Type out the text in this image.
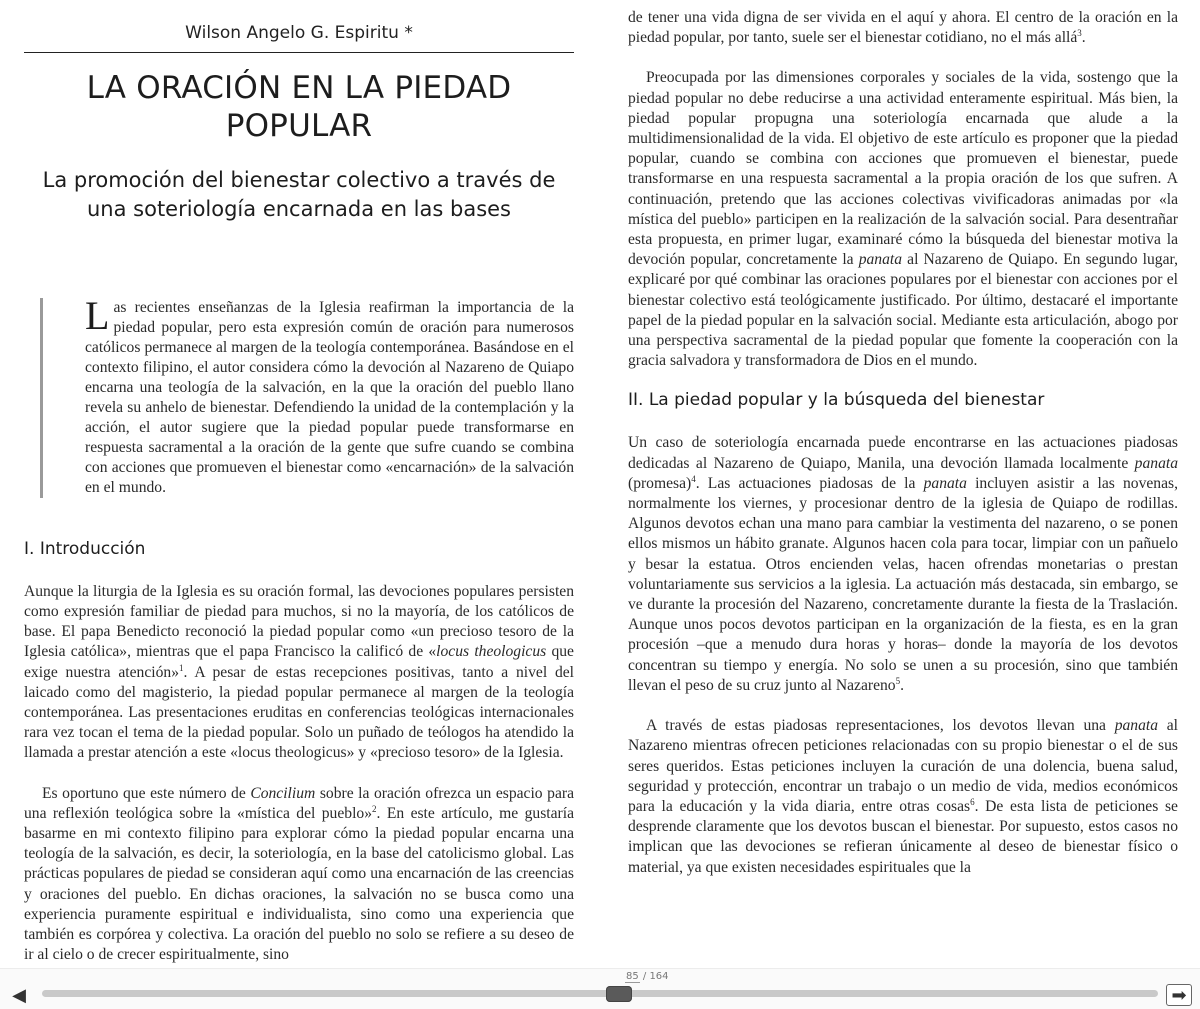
Wilson Angelo G. Espiritu *
LA ORACIÓN EN LA PIEDAD POPULAR
La promoción del bienestar colectivo a través de una soteriología encarnada en las bases
Las recientes enseñanzas de la Iglesia reafirman la importancia de la piedad popular, pero esta expresión común de oración para numerosos católicos permanece al margen de la teología contemporánea. Basándose en el contexto filipino, el autor considera cómo la devoción al Nazareno de Quiapo encarna una teología de la salvación, en la que la oración del pueblo llano revela su anhelo de bienestar. Defendiendo la unidad de la contemplación y la acción, el autor sugiere que la piedad popular puede transformarse en respuesta sacramental a la oración de la gente que sufre cuando se combina con acciones que promueven el bienestar como «encarnación» de la salvación en el mundo.
I. Introducción

Aunque la liturgia de la Iglesia es su oración formal, las devociones populares persisten como expresión familiar de piedad para muchos, si no la mayoría, de los católicos de base. El papa Benedicto reconoció la piedad popular como «un precioso tesoro de la Iglesia católica», mientras que el papa Francisco la calificó de «locus theologicus que exige nuestra atención»$^1$. A pesar de estas recepciones positivas, tanto a nivel del laicado como del magisterio, la piedad popular permanece al margen de la teología contemporánea. Las presentaciones eruditas en conferencias teológicas internacionales rara vez tocan el tema de la piedad popular. Solo un puñado de teólogos ha atendido la llamada a prestar atención a este «locus theologicus» y «precioso tesoro» de la Iglesia.

Es oportuno que este número de Concilium sobre la oración ofrezca un espacio para una reflexión teológica sobre la «mística del pueblo»$^2$. En este artículo, me gustaría basarme en mi contexto filipino para explorar cómo la piedad popular encarna una teología de la salvación, es decir, la soteriología, en la base del catolicismo global. Las prácticas populares de piedad se consideran aquí como una encarnación de las creencias y oraciones del pueblo. En dichas oraciones, la salvación no se busca como una experiencia puramente espiritual e individualista, sino como una experiencia que también es corpórea y colectiva. La oración del pueblo no solo se refiere a su deseo de ir al cielo o de crecer espiritualmente, sino

de tener una vida digna de ser vivida en el aquí y ahora. El centro de la oración en la piedad popular, por tanto, suele ser el bienestar cotidiano, no el más allá$^3$.

Preocupada por las dimensiones corporales y sociales de la vida, sostengo que la piedad popular no debe reducirse a una actividad enteramente espiritual. Más bien, la piedad popular propugna una soteriología encarnada que alude a la multidimensionalidad de la vida. El objetivo de este artículo es proponer que la piedad popular, cuando se combina con acciones que promueven el bienestar, puede transformarse en una respuesta sacramental a la propia oración de los que sufren. A continuación, pretendo que las acciones colectivas vivificadoras animadas por «la mística del pueblo» participen en la realización de la salvación social. Para desentrañar esta propuesta, en primer lugar, examinaré cómo la búsqueda del bienestar motiva la devoción popular, concretamente la panata al Nazareno de Quiapo. En segundo lugar, explicaré por qué combinar las oraciones populares por el bienestar con acciones por el bienestar colectivo está teológicamente justificado. Por último, destacaré el importante papel de la piedad popular en la salvación social. Mediante esta articulación, abogo por una perspectiva sacramental de la piedad popular que fomente la cooperación con la gracia salvadora y transformadora de Dios en el mundo.

II. La piedad popular y la búsqueda del bienestar

Un caso de soteriología encarnada puede encontrarse en las actuaciones piadosas dedicadas al Nazareno de Quiapo, Manila, una devoción llamada localmente panata (promesa)$^4$. Las actuaciones piadosas de la panata incluyen asistir a las novenas, normalmente los viernes, y procesionar dentro de la iglesia de Quiapo de rodillas. Algunos devotos echan una mano para cambiar la vestimenta del nazareno, o se ponen ellos mismos un hábito granate. Algunos hacen cola para tocar, limpiar con un pañuelo y besar la estatua. Otros encienden velas, hacen ofrendas monetarias o prestan voluntariamente sus servicios a la iglesia. La actuación más destacada, sin embargo, se ve durante la procesión del Nazareno, concretamente durante la fiesta de la Traslación. Aunque unos pocos devotos participan en la organización de la fiesta, es en la gran procesión –que a menudo dura horas y horas– donde la mayoría de los devotos concentran su tiempo y energía. No solo se unen a su procesión, sino que también llevan el peso de su cruz junto al Nazareno$^5$.

A través de estas piadosas representaciones, los devotos llevan una panata al Nazareno mientras ofrecen peticiones relacionadas con su propio bienestar o el de sus seres queridos. Estas peticiones incluyen la curación de una dolencia, buena salud, seguridad y protección, encontrar un trabajo o un medio de vida, medios económicos para la educación y la vida diaria, entre otras cosas$^6$. De esta lista de peticiones se desprende claramente que los devotos buscan el bienestar. Por supuesto, estos casos no implican que las devociones se refieran únicamente al deseo de bienestar físico o material, ya que existen necesidades espirituales que la

◀
85 / 164
➡
